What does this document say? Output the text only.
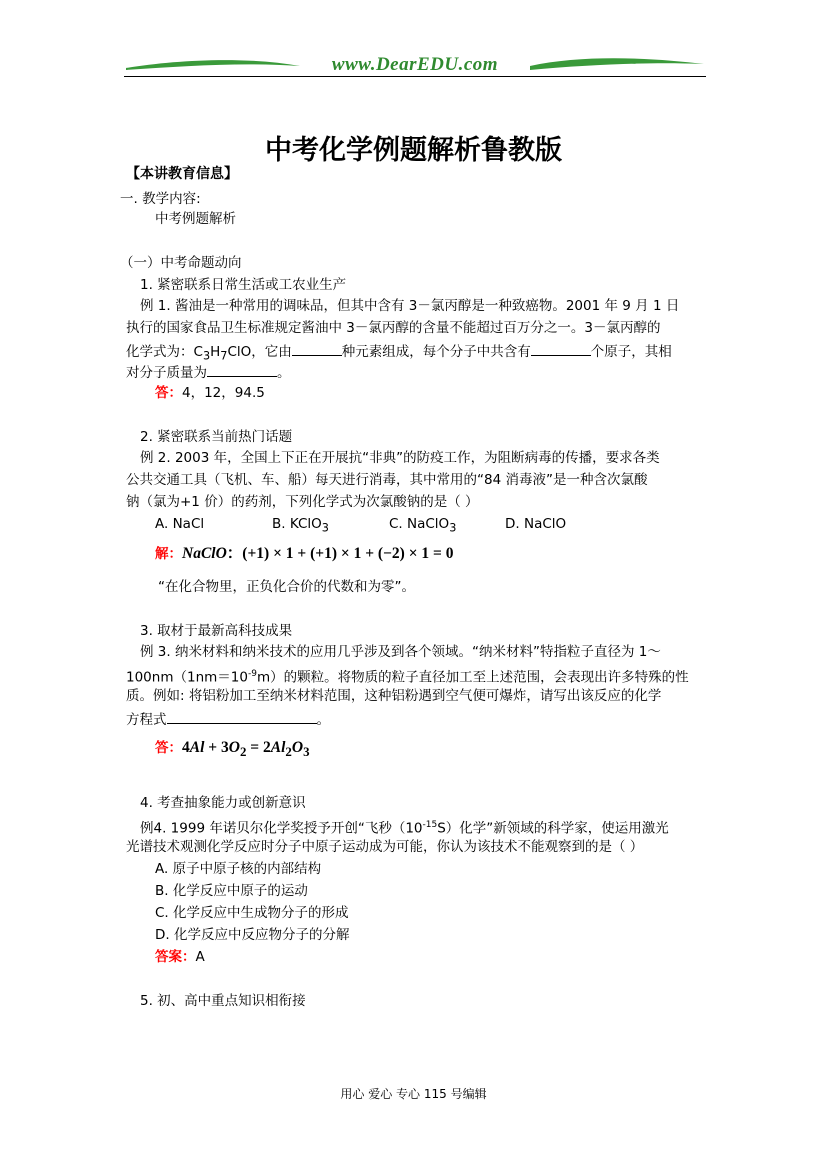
www.DearEDU.com
中考化学例题解析鲁教版
【本讲教育信息】
一. 教学内容:
中考例题解析
（一）中考命题动向
1. 紧密联系日常生活或工农业生产
例 1. 酱油是一种常用的调味品，但其中含有 3－氯丙醇是一种致癌物。2001 年 9 月 1 日
执行的国家食品卫生标准规定酱油中 3－氯丙醇的含量不能超过百万分之一。3－氯丙醇的
化学式为：$C_3H_7ClO$，它由	种元素组成，每个分子中共含有	个原子，其相
对分子质量为	。
答：4，12，94.5
2. 紧密联系当前热门话题
例 2. 2003 年，全国上下正在开展抗“非典”的防疫工作，为阻断病毒的传播，要求各类
公共交通工具（飞机、车、船）每天进行消毒，其中常用的“84 消毒液”是一种含次氯酸
钠（氯为+1 价）的药剂，下列化学式为次氯酸钠的是（ ）
A. NaCl	B. KClO$_3$	C. NaClO$_3$	D. NaClO
解：NaClO：(+1) × 1 + (+1) × 1 + (−2) × 1 = 0
“在化合物里，正负化合价的代数和为零”。
3. 取材于最新高科技成果
例 3. 纳米材料和纳米技术的应用几乎涉及到各个领域。“纳米材料”特指粒子直径为 1～
$100nm(1nm=10^{-9}m)$的颗粒。将物质的粒子直径加工至上述范围，会表现出许多特殊的性
质。例如: 将铝粉加工至纳米材料范围，这种铝粉遇到空气便可爆炸，请写出该反应的化学
方程式	。
答：$4Al + 3O_2 = 2Al_2O_3$
4. 考查抽象能力或创新意识
例4. 1999 年诺贝尔化学奖授予开创“飞秒$(10^{-15}S)$化学”新领域的科学家，使运用激光
光谱技术观测化学反应时分子中原子运动成为可能，你认为该技术不能观察到的是（ ）
A. 原子中原子核的内部结构
B. 化学反应中原子的运动
C. 化学反应中生成物分子的形成
D. 化学反应中反应物分子的分解
答案：A
5. 初、高中重点知识相衔接
用心 爱心 专心 115 号编辑
